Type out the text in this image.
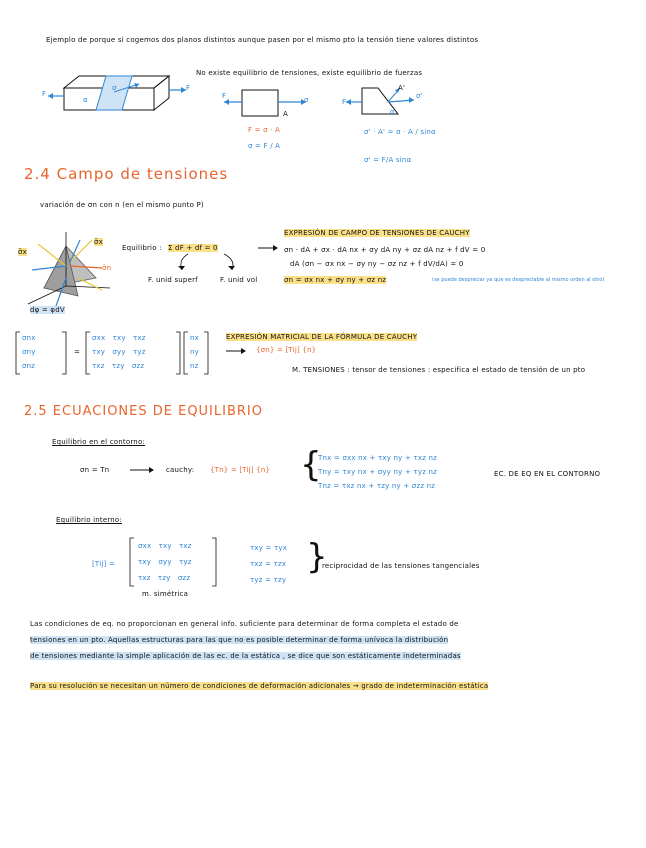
Ejemplo de porque si cogemos dos planos distintos aunque pasen por el mismo pto la tensión tiene valores distintos
No existe equilibrio de tensiones, existe equilibrio de fuerzas
F
F
α
σ
F
A
σ
F = σ · A
σ = F / A
F
A'
α
σ'
σ' · A' = σ · A / sinα
σ' = F/A sinα
2.4 Campo de tensiones
variación de σn con n (en el mismo punto P)
σ̄x
σ̄x
σ̄n
dφ = φdV
Equilibrio : Σ dF + df = 0
F. unid superf	F. unid vol
EXPRESIÓN DE CAMPO DE TENSIONES DE CAUCHY
σn · dA + σx · dA nx + σy dA ny + σz dA nz + f dV = 0
dA (σn − σx nx − σy ny − σz nz + f dV/dA) = 0
σn = σx nx + σy ny + σz nz	(se puede despreciar ya que es despreciable al mismo orden al otro)
σnx
σny
σnz
=
σxx τxy τxz
τxy σyy τyz
τxz τzy σzz
nx
ny
nz
EXPRESIÓN MATRICIAL DE LA FÓRMULA DE CAUCHY
{σn} = [Tij] {n}
M. TENSIONES : tensor de tensiones : especifica el estado de tensión de un pto
2.5 ECUACIONES DE EQUILIBRIO
Equilibrio en el contorno:
σn = Tn	cauchy: {Tn} = [Tij] {n} {
Tnx = σxx nx + τxy ny + τxz nz
Tny = τxy nx + σyy ny + τyz nz
Tnz = τxz nx + τzy ny + σzz nz
EC. DE EQ EN EL CONTORNO
Equilibrio interno:
[Tij] =
σxx τxy τxz
τxy σyy τyz
τxz τzy σzz
m. simétrica
τxy = τyx
τxz = τzx
τyz = τzy
{
reciprocidad de las tensiones tangenciales
Las condiciones de eq. no proporcionan en general info. suficiente para determinar de forma completa el estado de
tensiones en un pto. Aquellas estructuras para las que no es posible determinar de forma unívoca la distribución
de tensiones mediante la simple aplicación de las ec. de la estática , se dice que son estáticamente indeterminadas
Para su resolución se necesitan un número de condiciones de deformación adicionales → grado de indeterminación estática
